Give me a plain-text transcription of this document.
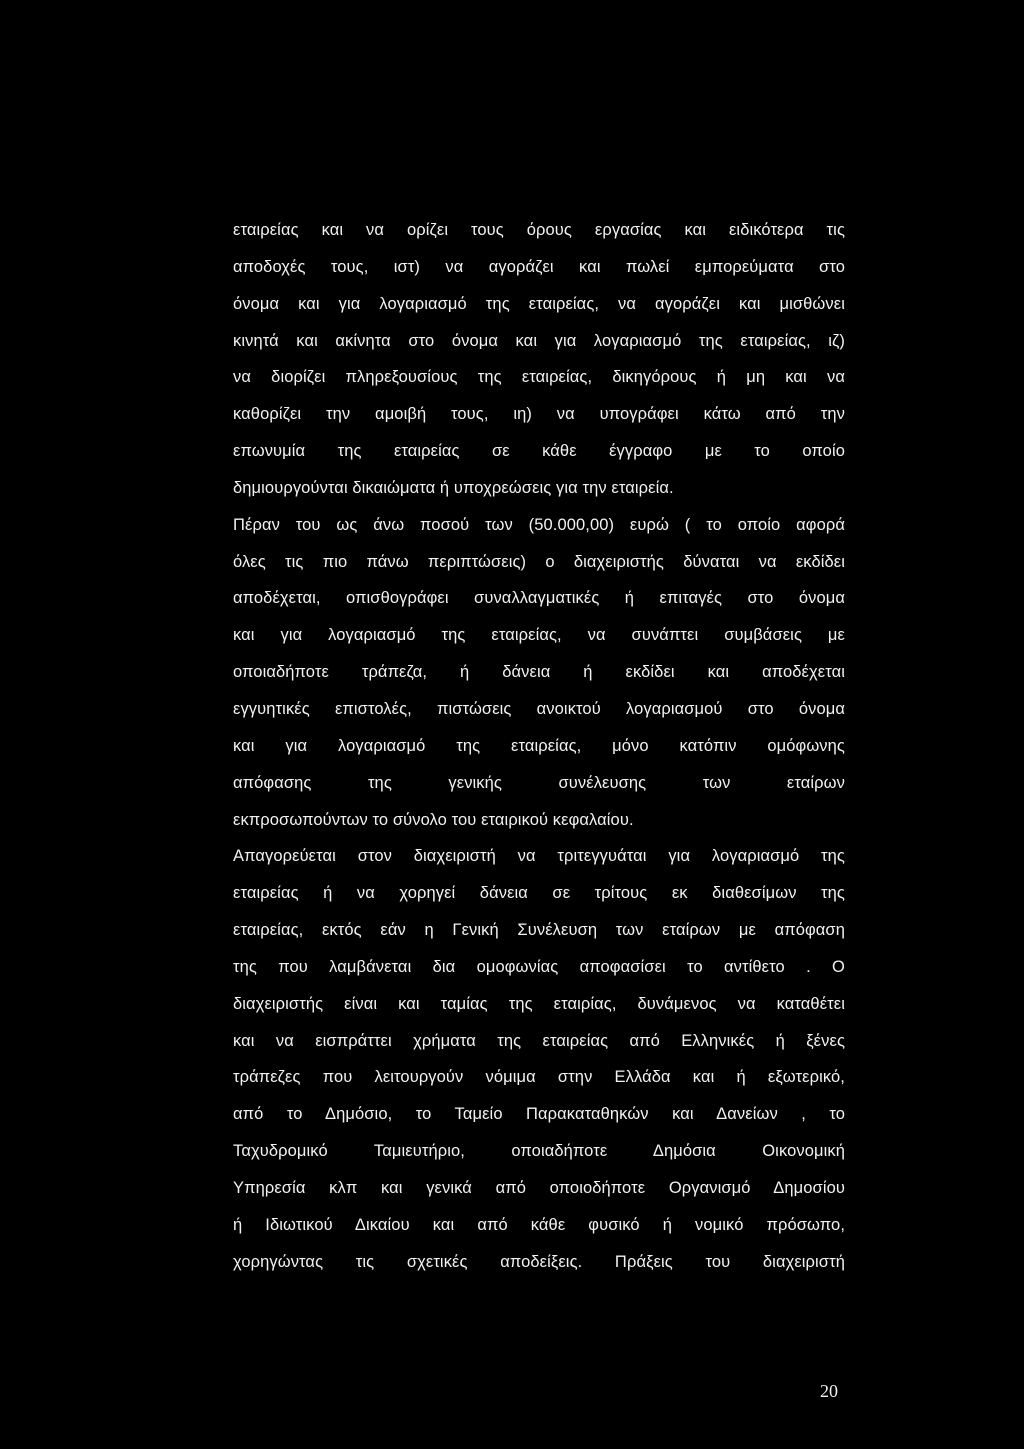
εταιρείας και να ορίζει τους όρους εργασίας και ειδικότερα τις
αποδοχές τους, ιστ) να αγοράζει και πωλεί εμπορεύματα στο
όνομα και για λογαριασμό της εταιρείας, να αγοράζει και μισθώνει
κινητά και ακίνητα στο όνομα και για λογαριασμό της εταιρείας, ιζ)
να διορίζει πληρεξουσίους της εταιρείας, δικηγόρους ή μη και να
καθορίζει την αμοιβή τους, ιη) να υπογράφει κάτω από την
επωνυμία της εταιρείας σε κάθε έγγραφο με το οποίο
δημιουργούνται δικαιώματα ή υποχρεώσεις για την εταιρεία.
Πέραν του ως άνω ποσού των (50.000,00) ευρώ ( το οποίο αφορά
όλες τις πιο πάνω περιπτώσεις) ο διαχειριστής δύναται να εκδίδει
αποδέχεται, οπισθογράφει συναλλαγματικές ή επιταγές στο όνομα
και για λογαριασμό της εταιρείας, να συνάπτει συμβάσεις με
οποιαδήποτε τράπεζα, ή δάνεια ή εκδίδει και αποδέχεται
εγγυητικές επιστολές, πιστώσεις ανοικτού λογαριασμού στο όνομα
και για λογαριασμό της εταιρείας, μόνο κατόπιν ομόφωνης
απόφασης της γενικής συνέλευσης των εταίρων
εκπροσωπούντων το σύνολο του εταιρικού κεφαλαίου.
Απαγορεύεται στον διαχειριστή να τριτεγγυάται για λογαριασμό της
εταιρείας ή να χορηγεί δάνεια σε τρίτους εκ διαθεσίμων της
εταιρείας, εκτός εάν η Γενική Συνέλευση των εταίρων με απόφαση
της που λαμβάνεται δια ομοφωνίας αποφασίσει το αντίθετο . Ο
διαχειριστής είναι και ταμίας της εταιρίας, δυνάμενος να καταθέτει
και να εισπράττει χρήματα της εταιρείας από Ελληνικές ή ξένες
τράπεζες που λειτουργούν νόμιμα στην Ελλάδα και ή εξωτερικό,
από το Δημόσιο, το Ταμείο Παρακαταθηκών και Δανείων , το
Ταχυδρομικό Ταμιευτήριο, οποιαδήποτε Δημόσια Οικονομική
Υπηρεσία κλπ και γενικά από οποιοδήποτε Οργανισμό Δημοσίου
ή Ιδιωτικού Δικαίου και από κάθε φυσικό ή νομικό πρόσωπο,
χορηγώντας τις σχετικές αποδείξεις. Πράξεις του διαχειριστή
20
